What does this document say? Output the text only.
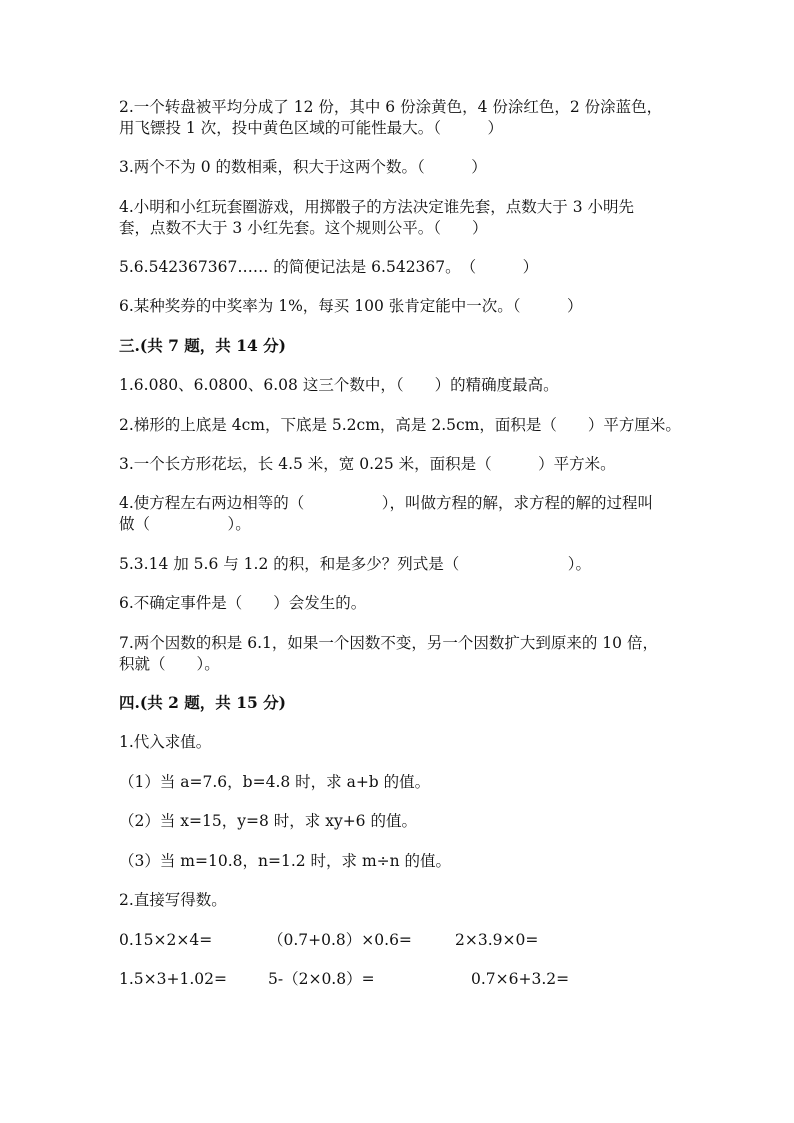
2.一个转盘被平均分成了 12 份，其中 6 份涂黄色，4 份涂红色，2 份涂蓝色，
用飞镖投 1 次，投中黄色区域的可能性最大。（　　　）
3.两个不为 0 的数相乘，积大于这两个数。（　　　）
4.小明和小红玩套圈游戏，用掷骰子的方法决定谁先套，点数大于 3 小明先
套，点数不大于 3 小红先套。这个规则公平。（　　）
5.6.542367367…… 的简便记法是 6.542367。　（　　　）
6.某种奖券的中奖率为 1%，每买 100 张肯定能中一次。（　　　）
三.(共 7 题，共 14 分)
1.6.080、6.0800、6.08 这三个数中，（　　）的精确度最高。
2.梯形的上底是 4cm，下底是 5.2cm，高是 2.5cm，面积是（　　）平方厘米。
3.一个长方形花坛，长 4.5 米，宽 0.25 米，面积是（　　　）平方米。
4.使方程左右两边相等的（　　　　　），叫做方程的解，求方程的解的过程叫
做（　　　　　）。
5.3.14 加 5.6 与 1.2 的积，和是多少？列式是（　　　　　　　）。
6.不确定事件是（　　）会发生的。
7.两个因数的积是 6.1，如果一个因数不变，另一个因数扩大到原来的 10 倍，
积就（　　）。
四.(共 2 题，共 15 分)
1.代入求值。
（1）当 a=7.6，b=4.8 时，求 a+b 的值。
（2）当 x=15，y=8 时，求 xy+6 的值。
（3）当 m=10.8，n=1.2 时，求 m÷n 的值。
2.直接写得数。
0.15×2×4=	（0.7+0.8）×0.6=	2×3.9×0=
1.5×3+1.02=	5-（2×0.8）=	0.7×6+3.2=
